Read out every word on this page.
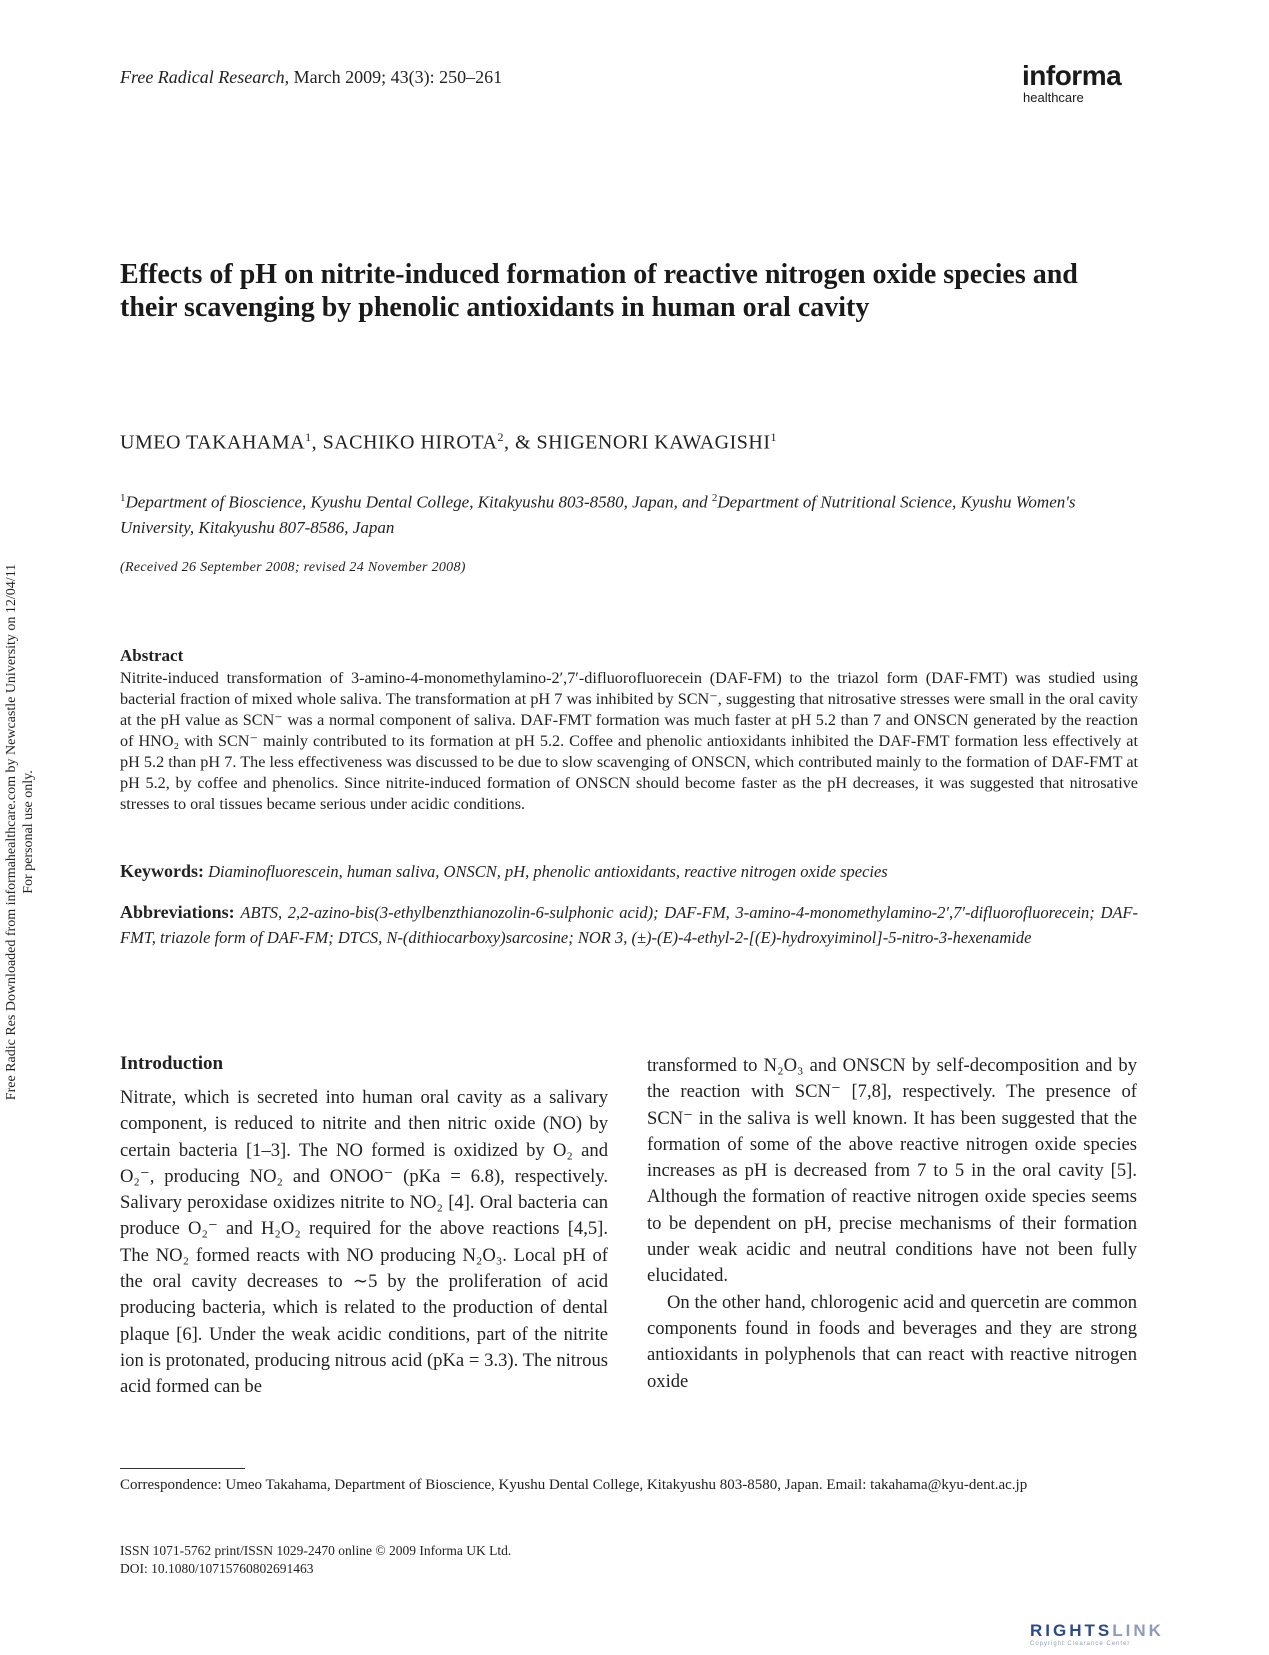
Free Radical Research, March 2009; 43(3): 250–261	informa
healthcare
Effects of pH on nitrite-induced formation of reactive nitrogen oxide species and their scavenging by phenolic antioxidants in human oral cavity
UMEO TAKAHAMA$^1$, SACHIKO HIROTA$^2$, & SHIGENORI KAWAGISHI$^1$
$^1$Department of Bioscience, Kyushu Dental College, Kitakyushu 803-8580, Japan, and $^2$Department of Nutritional Science, Kyushu Women's University, Kitakyushu 807-8586, Japan
(Received 26 September 2008; revised 24 November 2008)
Abstract
Nitrite-induced transformation of 3-amino-4-monomethylamino-2′,7′-difluorofluorecein (DAF-FM) to the triazol form (DAF-FMT) was studied using bacterial fraction of mixed whole saliva. The transformation at pH 7 was inhibited by SCN⁻, suggesting that nitrosative stresses were small in the oral cavity at the pH value as SCN⁻ was a normal component of saliva. DAF-FMT formation was much faster at pH 5.2 than 7 and ONSCN generated by the reaction of HNO₂ with SCN⁻ mainly contributed to its formation at pH 5.2. Coffee and phenolic antioxidants inhibited the DAF-FMT formation less effectively at pH 5.2 than pH 7. The less effectiveness was discussed to be due to slow scavenging of ONSCN, which contributed mainly to the formation of DAF-FMT at pH 5.2, by coffee and phenolics. Since nitrite-induced formation of ONSCN should become faster as the pH decreases, it was suggested that nitrosative stresses to oral tissues became serious under acidic conditions.
Keywords: Diaminofluorescein, human saliva, ONSCN, pH, phenolic antioxidants, reactive nitrogen oxide species
Abbreviations: ABTS, 2,2-azino-bis(3-ethylbenzthianozolin-6-sulphonic acid); DAF-FM, 3-amino-4-monomethylamino-2′,7′-difluorofluorecein; DAF-FMT, triazole form of DAF-FM; DTCS, N-(dithiocarboxy)sarcosine; NOR 3, (±)-(E)-4-ethyl-2-[(E)-hydroxyiminol]-5-nitro-3-hexenamide
Introduction

Nitrate, which is secreted into human oral cavity as a salivary component, is reduced to nitrite and then nitric oxide (NO) by certain bacteria [1–3]. The NO formed is oxidized by O₂ and O₂⁻, producing NO₂ and ONOO⁻ (pKa = 6.8), respectively. Salivary peroxidase oxidizes nitrite to NO₂ [4]. Oral bacteria can produce O₂⁻ and H₂O₂ required for the above reactions [4,5]. The NO₂ formed reacts with NO producing N₂O₃. Local pH of the oral cavity decreases to ∼5 by the proliferation of acid producing bacteria, which is related to the production of dental plaque [6]. Under the weak acidic conditions, part of the nitrite ion is protonated, producing nitrous acid (pKa = 3.3). The nitrous acid formed can be

transformed to N₂O₃ and ONSCN by self-decomposition and by the reaction with SCN⁻ [7,8], respectively. The presence of SCN⁻ in the saliva is well known. It has been suggested that the formation of some of the above reactive nitrogen oxide species increases as pH is decreased from 7 to 5 in the oral cavity [5]. Although the formation of reactive nitrogen oxide species seems to be dependent on pH, precise mechanisms of their formation under weak acidic and neutral conditions have not been fully elucidated.

On the other hand, chlorogenic acid and quercetin are common components found in foods and beverages and they are strong antioxidants in polyphenols that can react with reactive nitrogen oxide

Correspondence: Umeo Takahama, Department of Bioscience, Kyushu Dental College, Kitakyushu 803-8580, Japan. Email: takahama@kyu-dent.ac.jp
ISSN 1071-5762 print/ISSN 1029-2470 online © 2009 Informa UK Ltd.
DOI: 10.1080/10715760802691463
Free Radic Res Downloaded from informahealthcare.com by Newcastle University on 12/04/11 For personal use only.
RIGHTSLINK
Copyright Clearance Center
